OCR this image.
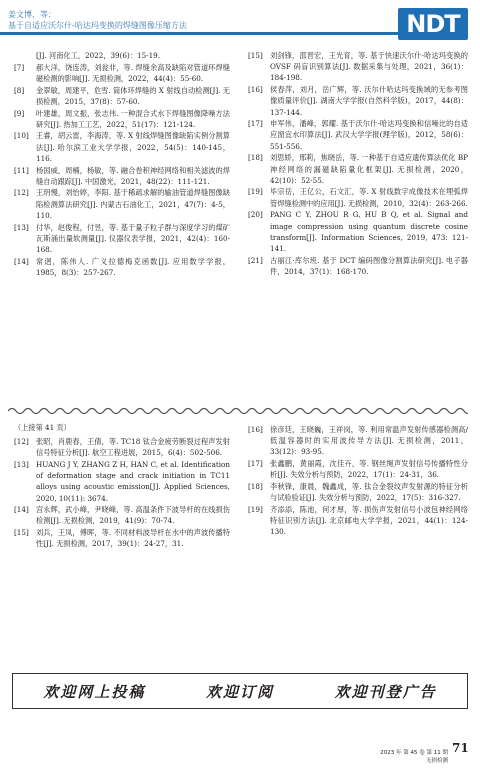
姜文博，等：
基于自适应沃尔什-哈达玛变换的焊缝图像压缩方法	NDT
[J]. 河南化工，2022，39(6)：15-19.
[7]	郝大洋，饶连涛，刘瓮非，等. 焊缝余高及缺陷对管道环焊缝磁检测的影响[J]. 无损检测，2022，44(4)：55-60.
[8]	金翠敏，周建平，危雪. 筒体环焊缝的 X 射线自动检测[J]. 无损检测，2015，37(8)：57-60.
[9]	叶建雄，周文振，张志伟. 一种混合式水下焊缝图像降噪方法研究[J]. 热加工工艺，2022，51(17)：121-124.
[10]	王睿，胡云雷，李海涛，等. X 射线焊缝图像缺陷实例分割算法[J]. 哈尔滨工业大学学报，2022，54(5)：140-145，116.
[11]	杨国威，周楠，杨敏，等. 融合卷积神经网络和相关滤波的焊缝自动跟踪[J]. 中国激光，2021，48(22)：111-121.
[12]	王玥慢，刘怡婷，李阳. 基于稀疏求解的输油管道焊缝图像缺陷检测算法研究[J]. 内蒙古石油化工，2021，47(7)：4-5，110.
[13]	付华，赵俊程，付昱，等. 基于量子粒子群与深度学习的煤矿瓦斯涌出量软测量[J]. 仪器仪表学报，2021，42(4)：160-168.
[14]	常迥，陈伟人. 广义拉德梅克函数[J]. 应用数学学报，1985，8(3)：257-267.
[15]	刘剑锋，邵晋宏，王光育，等. 基于快速沃尔什-哈达玛变换的 OVSF 码盲识别算法[J]. 数据采集与处理，2021，36(1)：184-198.
[16]	侯春萍，刘月，岳广辉，等. 沃尔什哈达玛变换域的无参考图像质量评价[J]. 湖南大学学报(自然科学版)，2017，44(8)：137-144.
[17]	申军伟，潘峰，郭耀. 基于沃尔什-哈达玛变换和信噪比的自适应窗宜水印算法[J]. 武汉大学学报(理学版)，2012，58(6)：551-556.
[18]	刘思娇，邢莉，焦晓岳，等. 一种基于自适应遗传算法优化 BP 神经网络的漏磁缺陷量化框架[J]. 无损检测，2020，42(10)：52-55.
[19]	毕宗岳，王亿公，石文汇，等. X 射线数字成像技术在埋弧焊管焊缝检测中的应用[J]. 无损检测，2010，32(4)：263-266.
[20]	PANG C Y, ZHOU R G, HU B Q, et al. Signal and image compression using quantum discrete cosine transform[J]. Information Sciences, 2019, 473: 121-141.
[21]	古丽江·库尔班. 基于 DCT 编码图像分割算法研究[J]. 电子器件，2014，37(1)：168-170.
（上接第 41 页）
[12]	张昭，肖鹿春，王倩，等. TC18 钛合金疲劳断裂过程声发射信号特征分析[J]. 航空工程进展，2015，6(4)：502-506.
[13]	HUANG J Y, ZHANG Z H, HAN C, et al. Identification of deformation stage and crack initiation in TC11 alloys using acoustic emission[J]. Applied Sciences, 2020, 10(11): 3674.
[14]	宫永辉，武小峰，尹晓峰，等. 高温条件下波导杆的在线损伤检测[J]. 无损检测，2019，41(9)：70-74.
[15]	刘兵，王凤，傅晖，等. 不同材料波导杆在水中的声波传播特性[J]. 无损检测，2017，39(1)：24-27，31.
[16]	徐彦廷，王晓巍，王祥岗，等. 利用常温声发射传感器检测高/低温容器时的实用波传导方法[J]. 无损检测，2011，33(12)：93-95.
[17]	张鑫鹏，黄丽霞，沈佳卉，等. 钢丝绳声发射信号传播特性分析[J]. 失效分析与预防，2022，17(1)：24-31，36.
[18]	李秋锋，康晨，魏鑫成，等. 钛合金裂纹声发射源的特征分析与试验验证[J]. 失效分析与预防，2022，17(5)：316-327.
[19]	齐添添，陈池，何才厚，等. 损伤声发射信号小波包神经网络特征识别方法[J]. 北京邮电大学学报，2021，44(1)：124-130.
欢迎网上投稿	欢迎订阅	欢迎刊登广告
71
2023 年 第 45 卷 第 11 期
无损检测
